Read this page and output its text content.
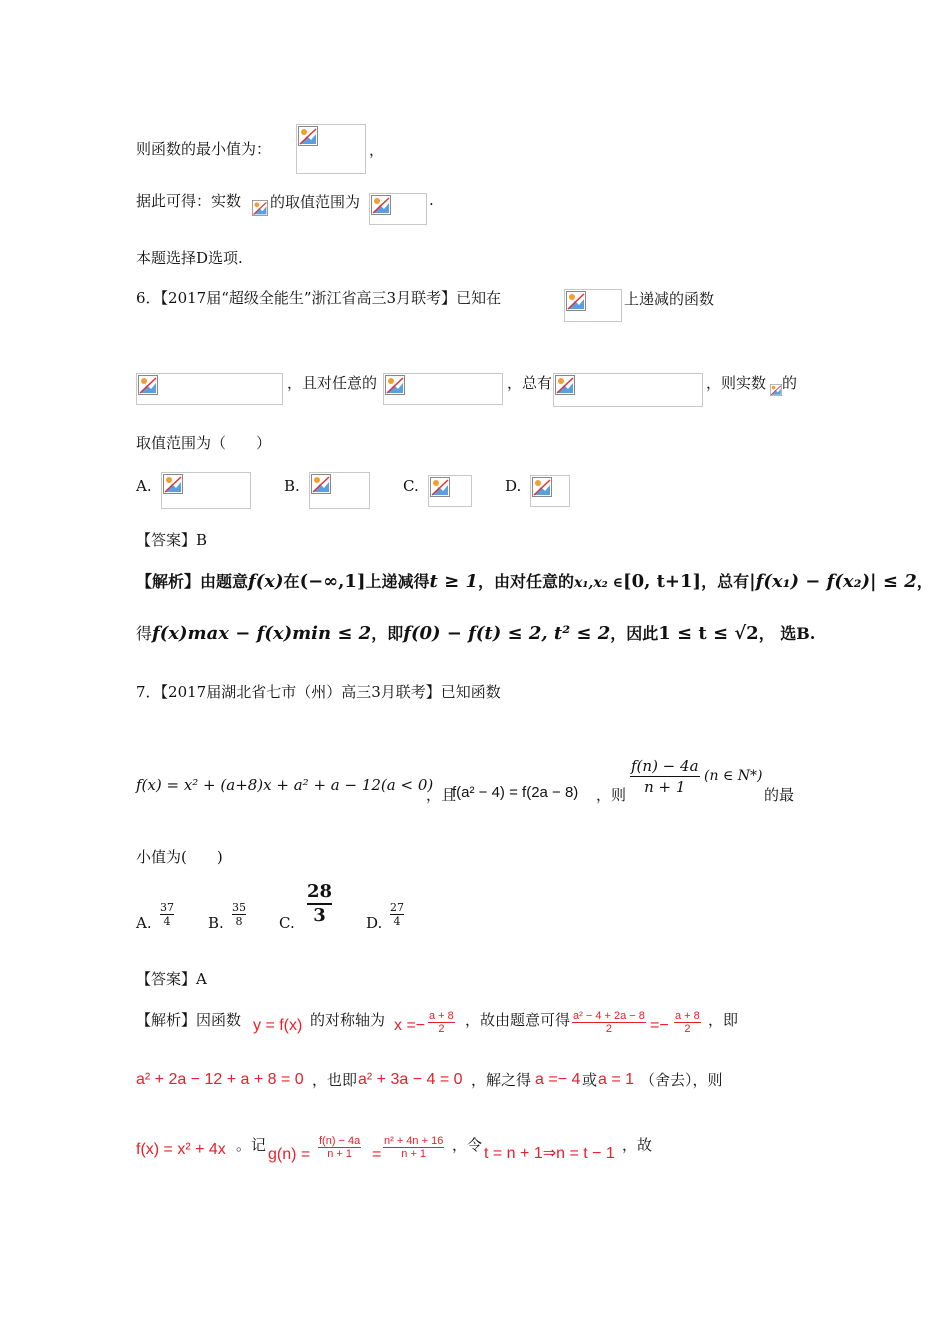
则函数的最小值为：	，
据此可得：实数 的取值范围为	.
本题选择D选项.
6．【2017届“超级全能生”浙江省高三3月联考】已知在	上递减的函数
，且对任意的	，总有	，则实数 的
取值范围为（　　）
A.	B.	C.	D.
【答案】B
【解析】由题意f(x)在(−∞,1]上递减得t ≥ 1，由对任意的x₁,x₂ ∈[0, t+1]，总有|f(x₁) − f(x₂)| ≤ 2，
得f(x)max − f(x)min ≤ 2，即f(0) − f(t) ≤ 2, t² ≤ 2，因此1 ≤ t ≤ √2， 选B.
7．【2017届湖北省七市（州）高三3月联考】已知函数
f(x) = x² + (a+8)x + a² + a − 12(a < 0)
，且
f(a² − 4) = f(2a − 8) ，则 $\frac{f(n) - 4a}{n + 1} (n$ ∈ N*)
的最
小值为(　　)
A. $\frac{37}{4} B$. $\frac{35}{8} C$. $\frac{28}{3} D$. $\frac{27}{4}$
【答案】A
【解析】因函数 y = f(x) 的对称轴为 $x =- \frac{a + 8}{2}$ ，故由题意可得 $\frac{\text{a² − 4 + 2a − 8}}{2} =- \frac{a + 8}{2}$ ，即
a² + 2a − 12 + a + 8 = 0 ，也即 a² + 3a − 4 = 0 ，解之得 a =− 4 或 a = 1 （舍去），则
f(x) = x² + 4x 。记
$g(n) = \frac{f(n) - 4a}{n + 1} = \frac{\text{n² + 4n + 16}}{n + 1}$ ，令 t = n + 1⇒n = t − 1 ，故
